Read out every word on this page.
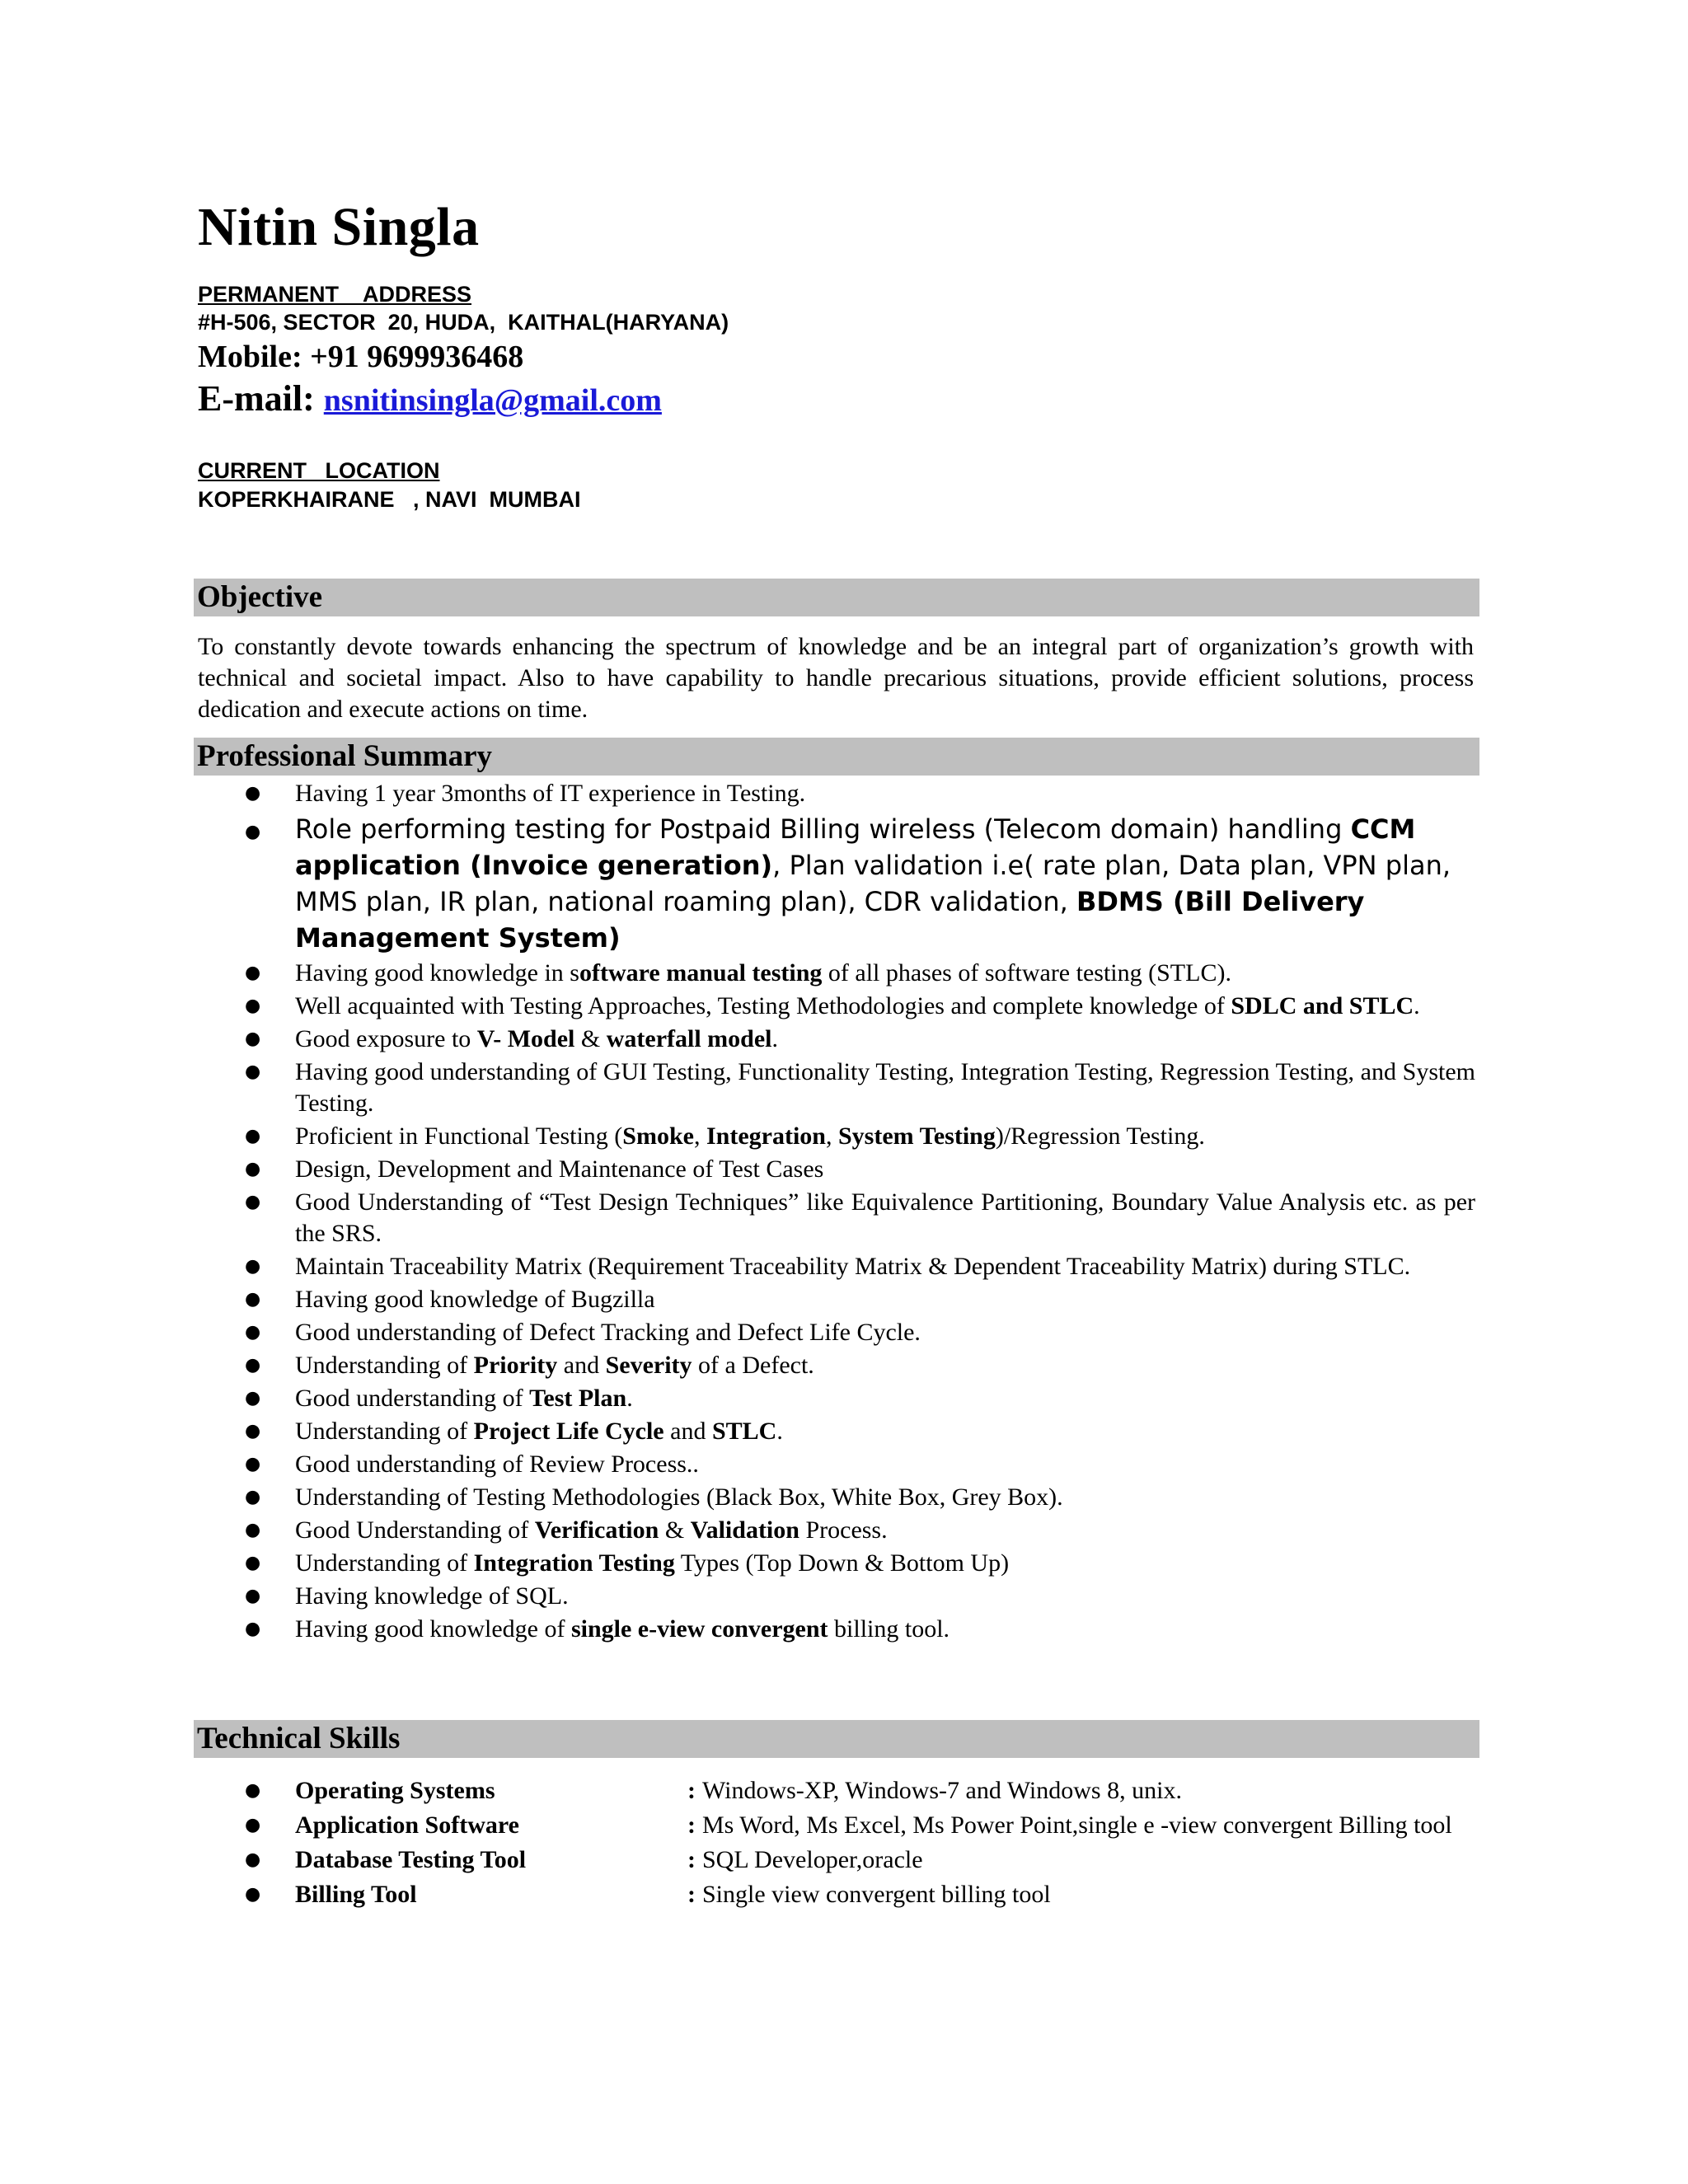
Nitin Singla
PERMANENT    ADDRESS
#H-506, SECTOR  20, HUDA,  KAITHAL(HARYANA)
Mobile: +91 9699936468
E-mail: nsnitinsingla@gmail.com
CURRENT   LOCATION
KOPERKHAIRANE   , NAVI  MUMBAI
Objective
To constantly devote towards enhancing the spectrum of knowledge and be an integral part of organization’s growth with technical and societal impact. Also to have capability to handle precarious situations, provide efficient solutions, process dedication and execute actions on time.
Professional Summary
● Having 1 year 3months of IT experience in Testing.
● Role performing testing for Postpaid Billing wireless (Telecom domain) handling CCM application (Invoice generation), Plan validation i.e( rate plan, Data plan, VPN plan, MMS plan, IR plan, national roaming plan), CDR validation, BDMS (Bill Delivery Management System)
● Having good knowledge in software manual testing of all phases of software testing (STLC).
● Well acquainted with Testing Approaches, Testing Methodologies and complete knowledge of SDLC and STLC.
● Good exposure to V- Model & waterfall model.
● Having good understanding of GUI Testing, Functionality Testing, Integration Testing, Regression Testing, and System Testing.
● Proficient in Functional Testing (Smoke, Integration, System Testing)/Regression Testing.
● Design, Development and Maintenance of Test Cases
● Good Understanding of “Test Design Techniques” like Equivalence Partitioning, Boundary Value Analysis etc. as per the SRS.
● Maintain Traceability Matrix (Requirement Traceability Matrix & Dependent Traceability Matrix) during STLC.
● Having good knowledge of Bugzilla
● Good understanding of Defect Tracking and Defect Life Cycle.
● Understanding of Priority and Severity of a Defect.
● Good understanding of Test Plan.
● Understanding of Project Life Cycle and STLC.
● Good understanding of Review Process..
● Understanding of Testing Methodologies (Black Box, White Box, Grey Box).
● Good Understanding of Verification & Validation Process.
● Understanding of Integration Testing Types (Top Down & Bottom Up)
● Having knowledge of SQL.
● Having good knowledge of single e-view convergent billing tool.
Technical Skills
● Operating Systems	: Windows-XP, Windows-7 and Windows 8, unix.
● Application Software	: Ms Word, Ms Excel, Ms Power Point,single e -view convergent Billing tool
● Database Testing Tool	: SQL Developer,oracle
● Billing Tool	: Single view convergent billing tool
